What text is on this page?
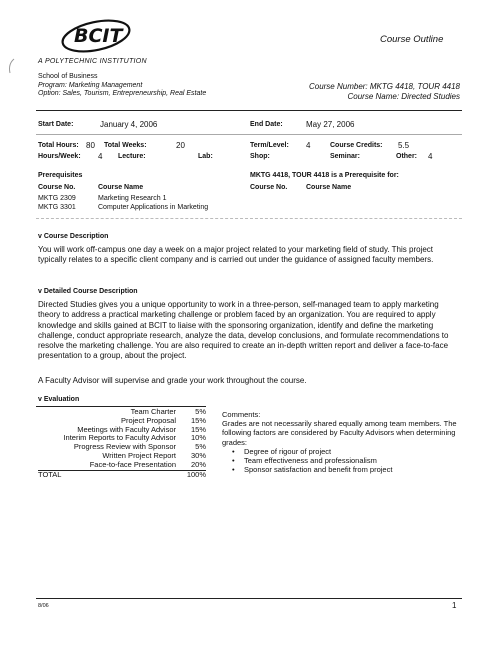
BCIT	Course Outline
A POLYTECHNIC INSTITUTION
School of Business
Program: Marketing Management
Option: Sales, Tourism, Entrepreneurship, Real Estate
Course Number: MKTG 4418, TOUR 4418
Course Name: Directed Studies
Start Date:	January 4, 2006	End Date:	May 27, 2006
Total Hours: 80 Total Weeks:	20	Term/Level: 4	Course Credits: 5.5
Hours/Week: 4 Lecture:	Lab:	Shop:	Seminar:	Other: 4
Prerequisites
Course No.	Course Name
MKTG 2309	Marketing Research 1
MKTG 3301	Computer Applications in Marketing
MKTG 4418, TOUR 4418 is a Prerequisite for:
Course No.	Course Name
v Course Description
You will work off-campus one day a week on a major project related to your marketing field of study. This project typically relates to a specific client company and is carried out under the guidance of assigned faculty members.
v Detailed Course Description
Directed Studies gives you a unique opportunity to work in a three-person, self-managed team to apply marketing theory to address a practical marketing challenge or problem faced by an organization. You are required to apply knowledge and skills gained at BCIT to liaise with the sponsoring organization, identify and define the marketing challenge, conduct appropriate research, analyze the data, develop conclusions, and formulate recommendations to resolve the marketing challenge. You are also required to create an in-depth written report and deliver a face-to-face presentation to a group, about the project.
A Faculty Advisor will supervise and grade your work throughout the course.
v Evaluation
Team Charter	5%
Project Proposal	15%
Meetings with Faculty Advisor	15%
Interim Reports to Faculty Advisor	10%
Progress Review with Sponsor	5%
Written Project Report	30%
Face-to-face Presentation	20%
TOTAL	100%
Comments:
Grades are not necessarily shared equally among team members. The following factors are considered by Faculty Advisors when determining grades:
• Degree of rigour of project
• Team effectiveness and professionalism
• Sponsor satisfaction and benefit from project
8/06	1
